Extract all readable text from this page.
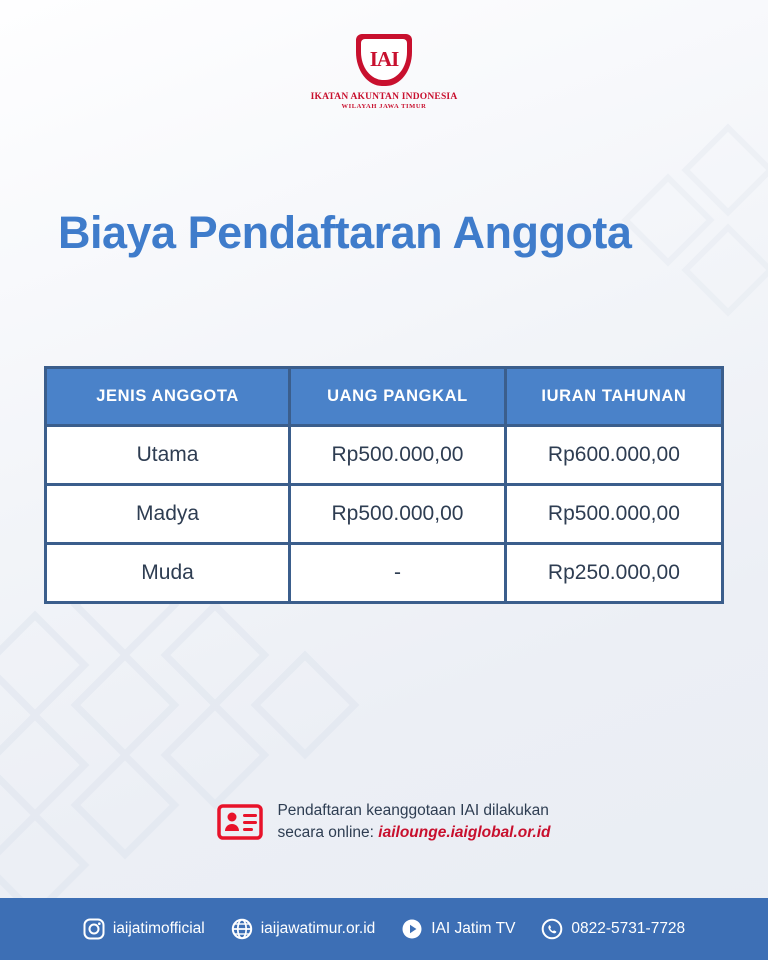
IAI
IKATAN AKUNTAN INDONESIA
WILAYAH JAWA TIMUR
Biaya Pendaftaran Anggota
JENIS ANGGOTA	UANG PANGKAL	IURAN TAHUNAN
Utama	Rp500.000,00	Rp600.000,00
Madya	Rp500.000,00	Rp500.000,00
Muda	-	Rp250.000,00
Pendaftaran keanggotaan IAI dilakukan
secara online: iailounge.iaiglobal.or.id
iaijatimofficial	iaijawatimur.or.id	IAI Jatim TV	0822-5731-7728
